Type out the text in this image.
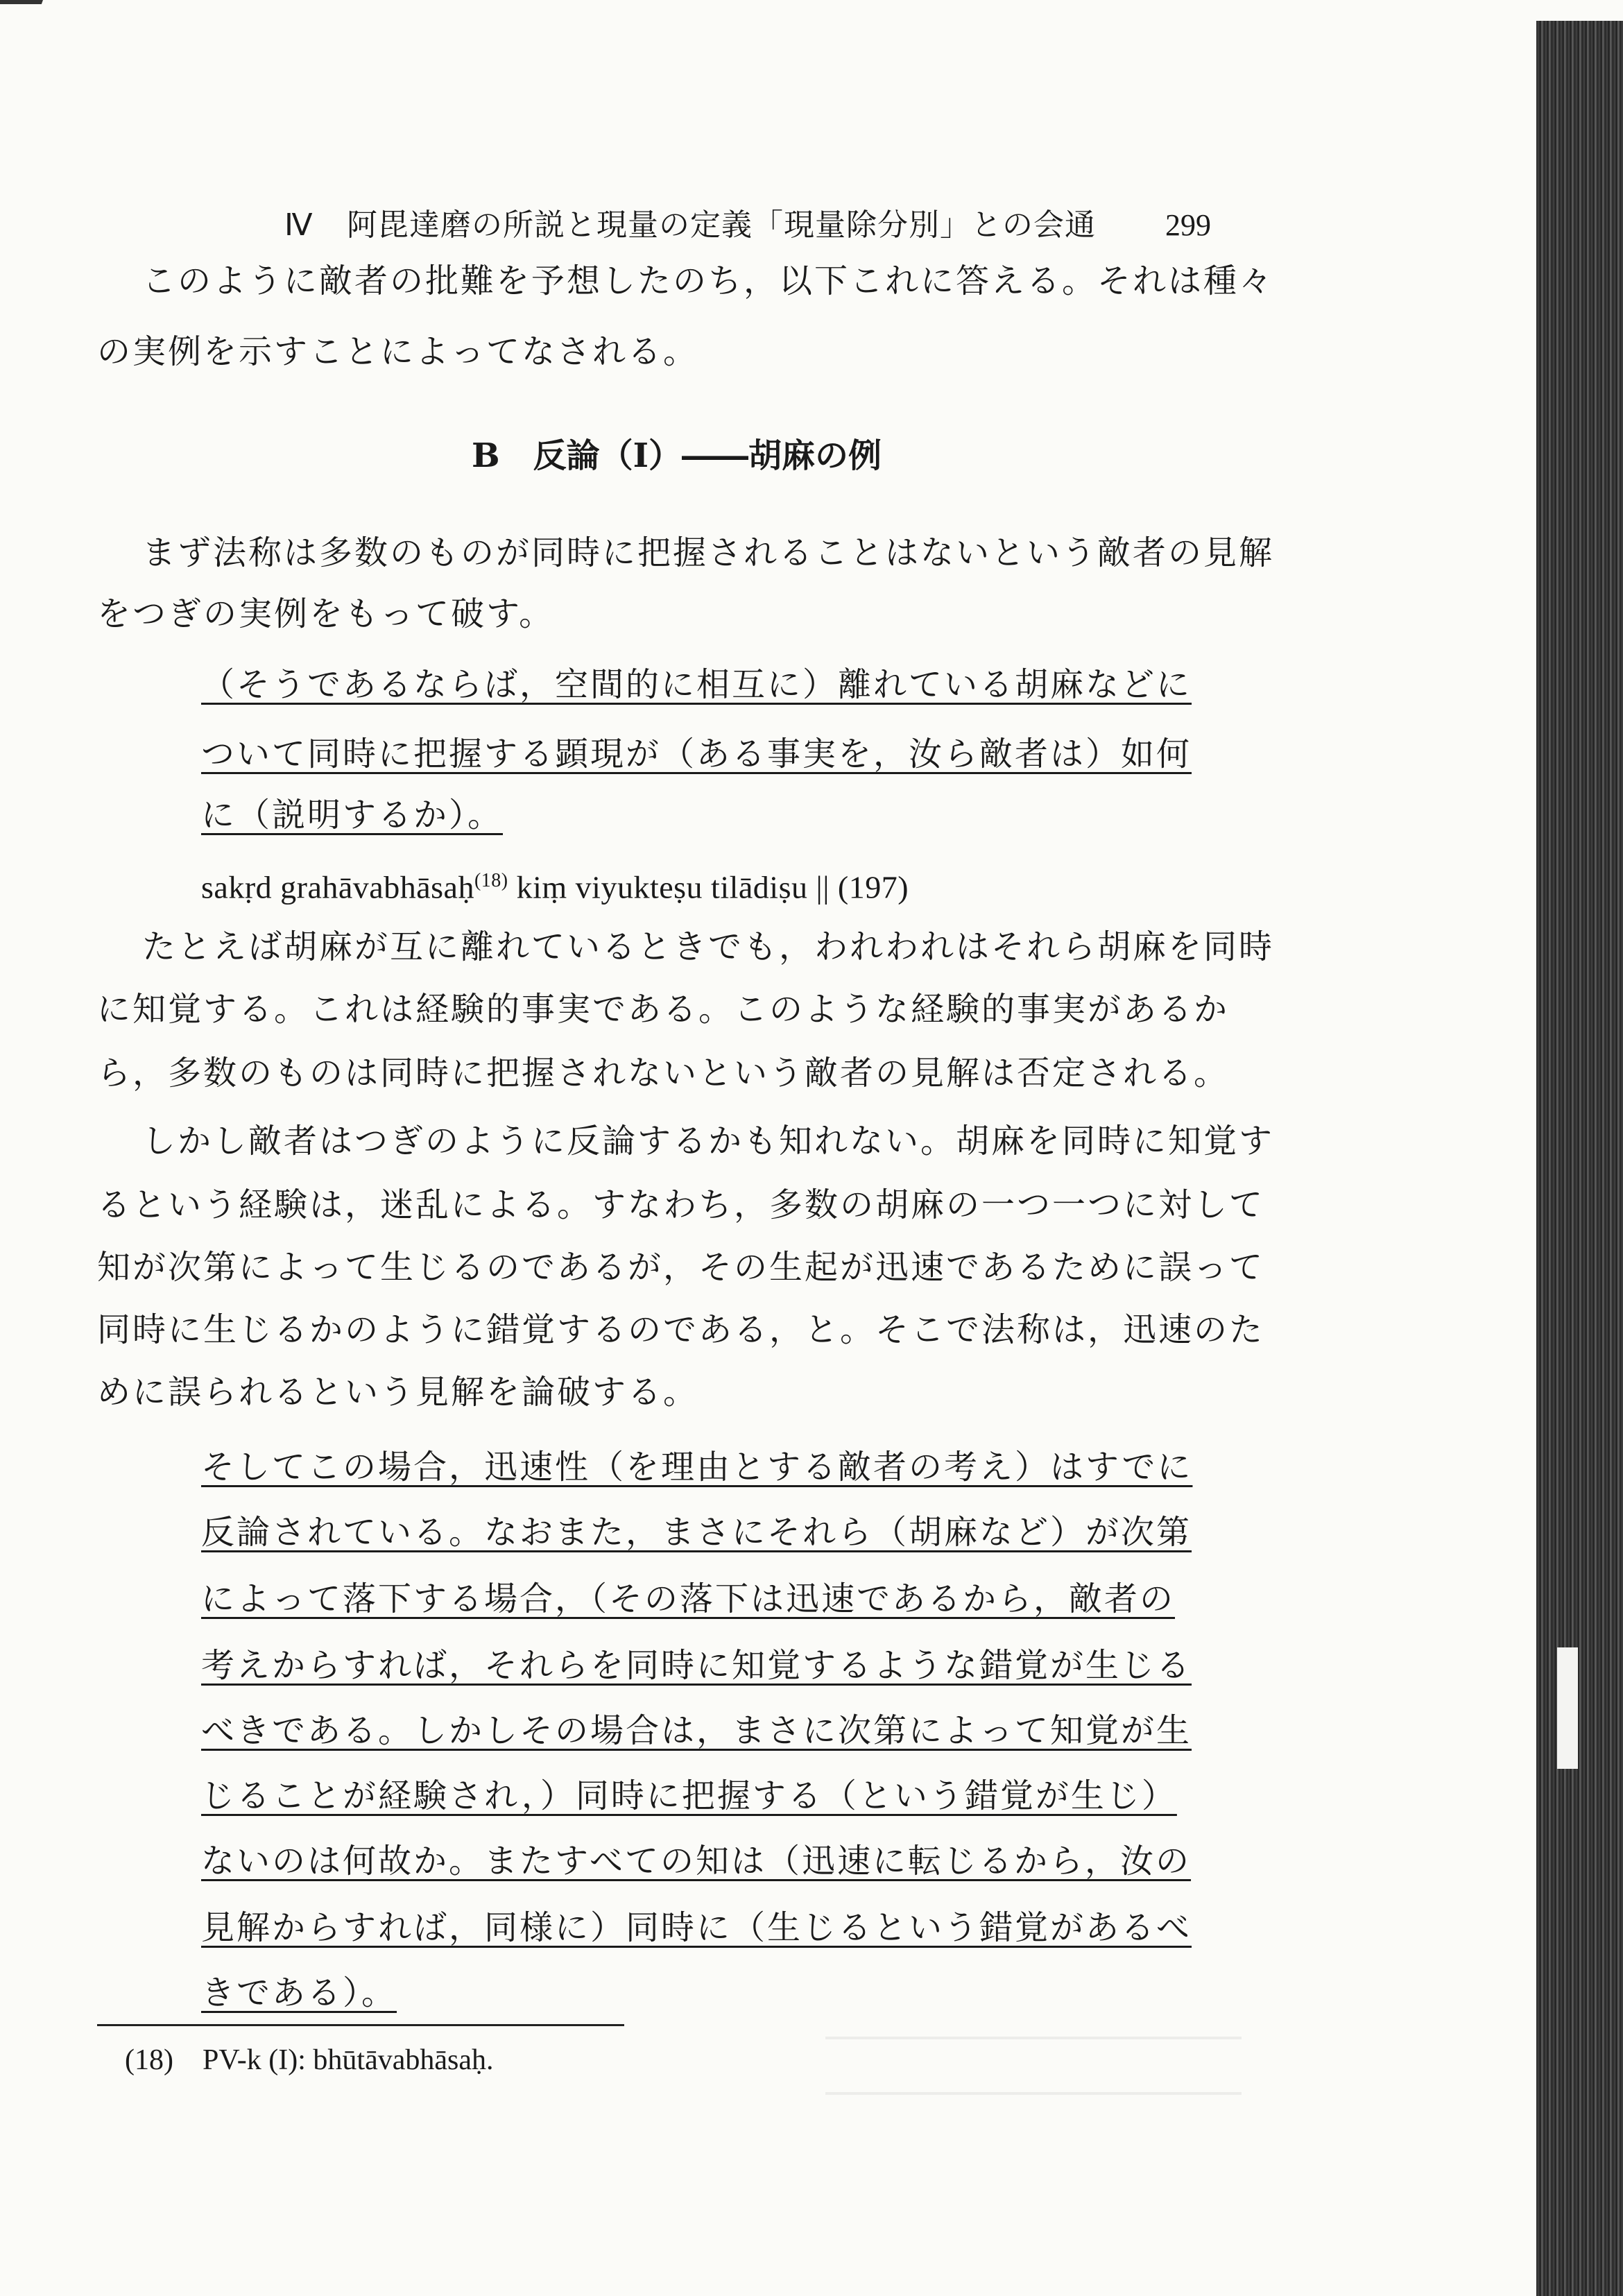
Ⅳ 阿毘達磨の所説と現量の定義「現量除分別」との会通 299
このように敵者の批難を予想したのち，以下これに答える。それは種々
の実例を示すことによってなされる。
B　反論（Ⅰ）――胡麻の例
まず法称は多数のものが同時に把握されることはないという敵者の見解
をつぎの実例をもって破す。
（そうであるならば，空間的に相互に）離れている胡麻などに
ついて同時に把握する顕現が（ある事実を，汝ら敵者は）如何
に（説明するか）。
sakṛd grahāvabhāsaḥ$^{(18)}$ kiṃ viyukteṣu tilādiṣu || (197)
たとえば胡麻が互に離れているときでも，われわれはそれら胡麻を同時
に知覚する。これは経験的事実である。このような経験的事実があるか
ら，多数のものは同時に把握されないという敵者の見解は否定される。
しかし敵者はつぎのように反論するかも知れない。胡麻を同時に知覚す
るという経験は，迷乱による。すなわち，多数の胡麻の一つ一つに対して
知が次第によって生じるのであるが，その生起が迅速であるために誤って
同時に生じるかのように錯覚するのである，と。そこで法称は，迅速のた
めに誤られるという見解を論破する。
そしてこの場合，迅速性（を理由とする敵者の考え）はすでに
反論されている。なおまた，まさにそれら（胡麻など）が次第
によって落下する場合，（その落下は迅速であるから，敵者の
考えからすれば，それらを同時に知覚するような錯覚が生じる
べきである。しかしその場合は，まさに次第によって知覚が生
じることが経験され，）同時に把握する（という錯覚が生じ）
ないのは何故か。またすべての知は（迅速に転じるから，汝の
見解からすれば，同様に）同時に（生じるという錯覚があるべ
きである）。
(18)　PV-k (I): bhūtāvabhāsaḥ.
